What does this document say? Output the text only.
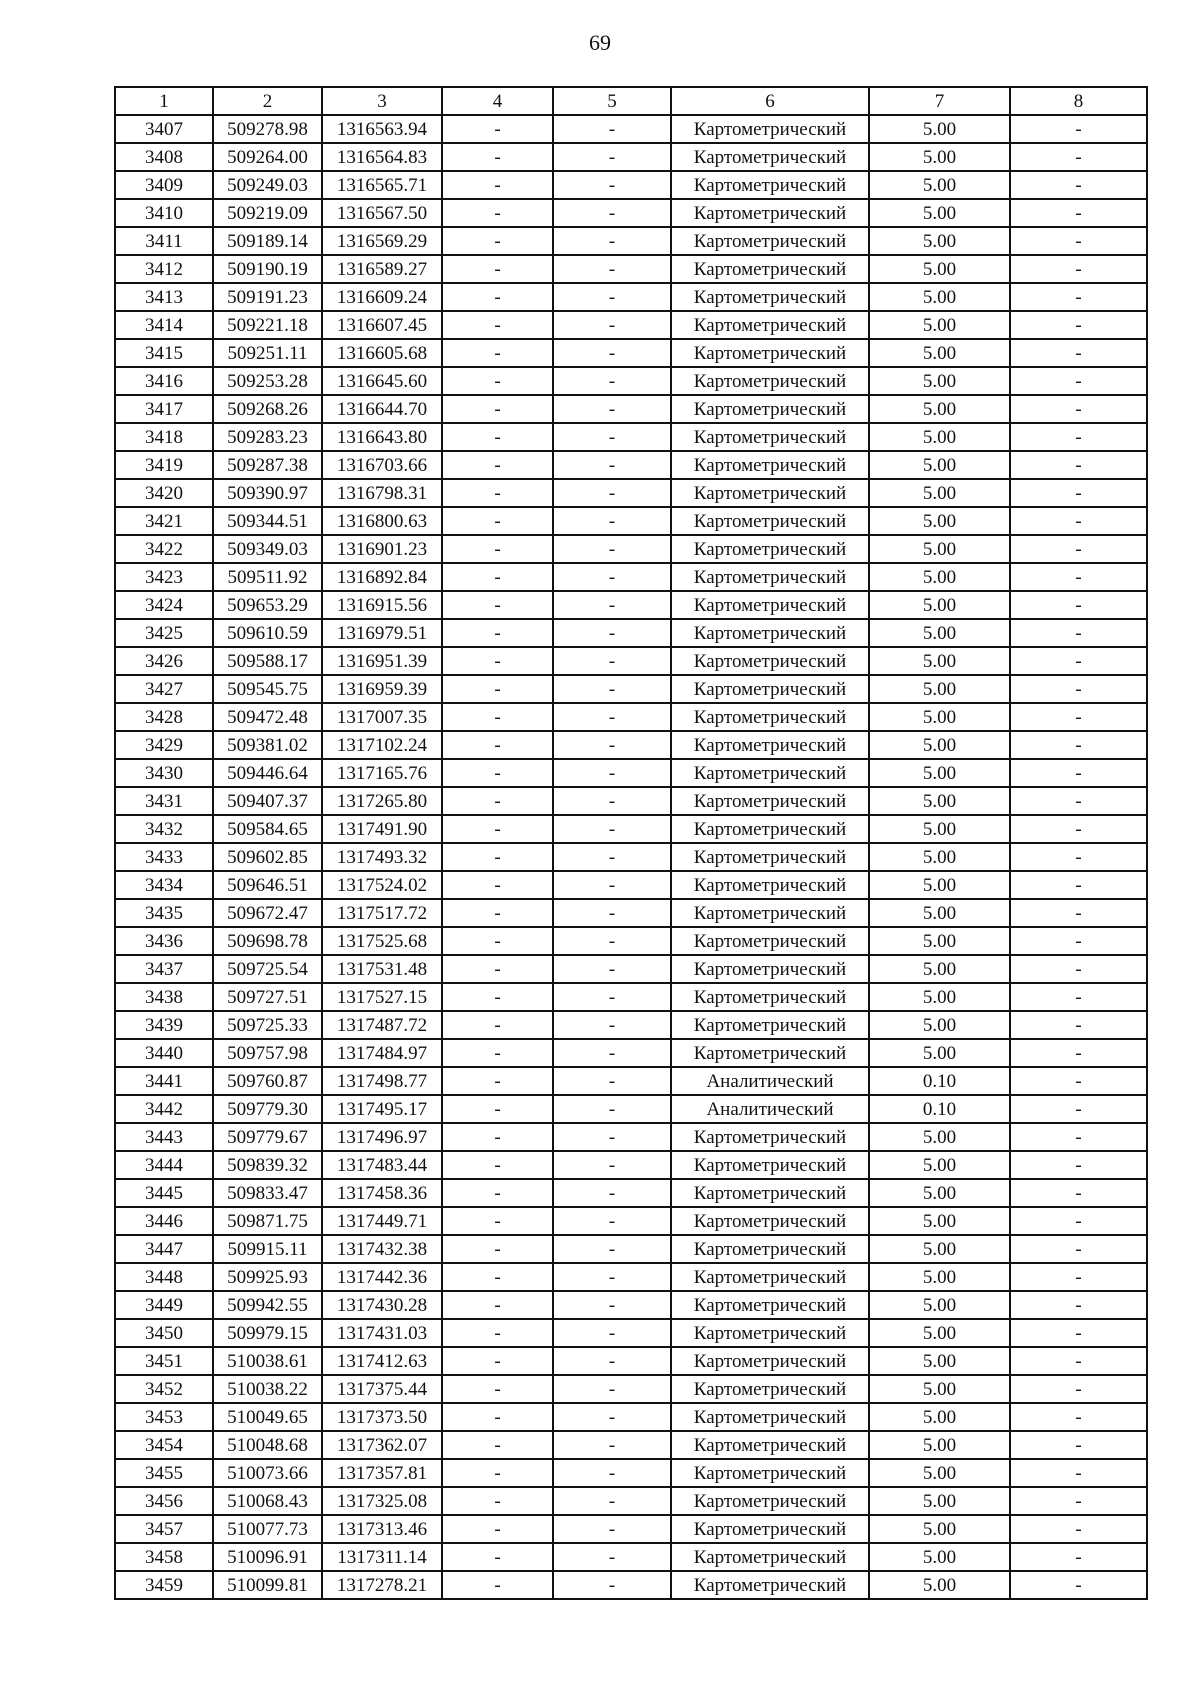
69
1	2	3	4	5	6	7	8
3407	509278.98	1316563.94	-	-	Картометрический	5.00	-
3408	509264.00	1316564.83	-	-	Картометрический	5.00	-
3409	509249.03	1316565.71	-	-	Картометрический	5.00	-
3410	509219.09	1316567.50	-	-	Картометрический	5.00	-
3411	509189.14	1316569.29	-	-	Картометрический	5.00	-
3412	509190.19	1316589.27	-	-	Картометрический	5.00	-
3413	509191.23	1316609.24	-	-	Картометрический	5.00	-
3414	509221.18	1316607.45	-	-	Картометрический	5.00	-
3415	509251.11	1316605.68	-	-	Картометрический	5.00	-
3416	509253.28	1316645.60	-	-	Картометрический	5.00	-
3417	509268.26	1316644.70	-	-	Картометрический	5.00	-
3418	509283.23	1316643.80	-	-	Картометрический	5.00	-
3419	509287.38	1316703.66	-	-	Картометрический	5.00	-
3420	509390.97	1316798.31	-	-	Картометрический	5.00	-
3421	509344.51	1316800.63	-	-	Картометрический	5.00	-
3422	509349.03	1316901.23	-	-	Картометрический	5.00	-
3423	509511.92	1316892.84	-	-	Картометрический	5.00	-
3424	509653.29	1316915.56	-	-	Картометрический	5.00	-
3425	509610.59	1316979.51	-	-	Картометрический	5.00	-
3426	509588.17	1316951.39	-	-	Картометрический	5.00	-
3427	509545.75	1316959.39	-	-	Картометрический	5.00	-
3428	509472.48	1317007.35	-	-	Картометрический	5.00	-
3429	509381.02	1317102.24	-	-	Картометрический	5.00	-
3430	509446.64	1317165.76	-	-	Картометрический	5.00	-
3431	509407.37	1317265.80	-	-	Картометрический	5.00	-
3432	509584.65	1317491.90	-	-	Картометрический	5.00	-
3433	509602.85	1317493.32	-	-	Картометрический	5.00	-
3434	509646.51	1317524.02	-	-	Картометрический	5.00	-
3435	509672.47	1317517.72	-	-	Картометрический	5.00	-
3436	509698.78	1317525.68	-	-	Картометрический	5.00	-
3437	509725.54	1317531.48	-	-	Картометрический	5.00	-
3438	509727.51	1317527.15	-	-	Картометрический	5.00	-
3439	509725.33	1317487.72	-	-	Картометрический	5.00	-
3440	509757.98	1317484.97	-	-	Картометрический	5.00	-
3441	509760.87	1317498.77	-	-	Аналитический	0.10	-
3442	509779.30	1317495.17	-	-	Аналитический	0.10	-
3443	509779.67	1317496.97	-	-	Картометрический	5.00	-
3444	509839.32	1317483.44	-	-	Картометрический	5.00	-
3445	509833.47	1317458.36	-	-	Картометрический	5.00	-
3446	509871.75	1317449.71	-	-	Картометрический	5.00	-
3447	509915.11	1317432.38	-	-	Картометрический	5.00	-
3448	509925.93	1317442.36	-	-	Картометрический	5.00	-
3449	509942.55	1317430.28	-	-	Картометрический	5.00	-
3450	509979.15	1317431.03	-	-	Картометрический	5.00	-
3451	510038.61	1317412.63	-	-	Картометрический	5.00	-
3452	510038.22	1317375.44	-	-	Картометрический	5.00	-
3453	510049.65	1317373.50	-	-	Картометрический	5.00	-
3454	510048.68	1317362.07	-	-	Картометрический	5.00	-
3455	510073.66	1317357.81	-	-	Картометрический	5.00	-
3456	510068.43	1317325.08	-	-	Картометрический	5.00	-
3457	510077.73	1317313.46	-	-	Картометрический	5.00	-
3458	510096.91	1317311.14	-	-	Картометрический	5.00	-
3459	510099.81	1317278.21	-	-	Картометрический	5.00	-
